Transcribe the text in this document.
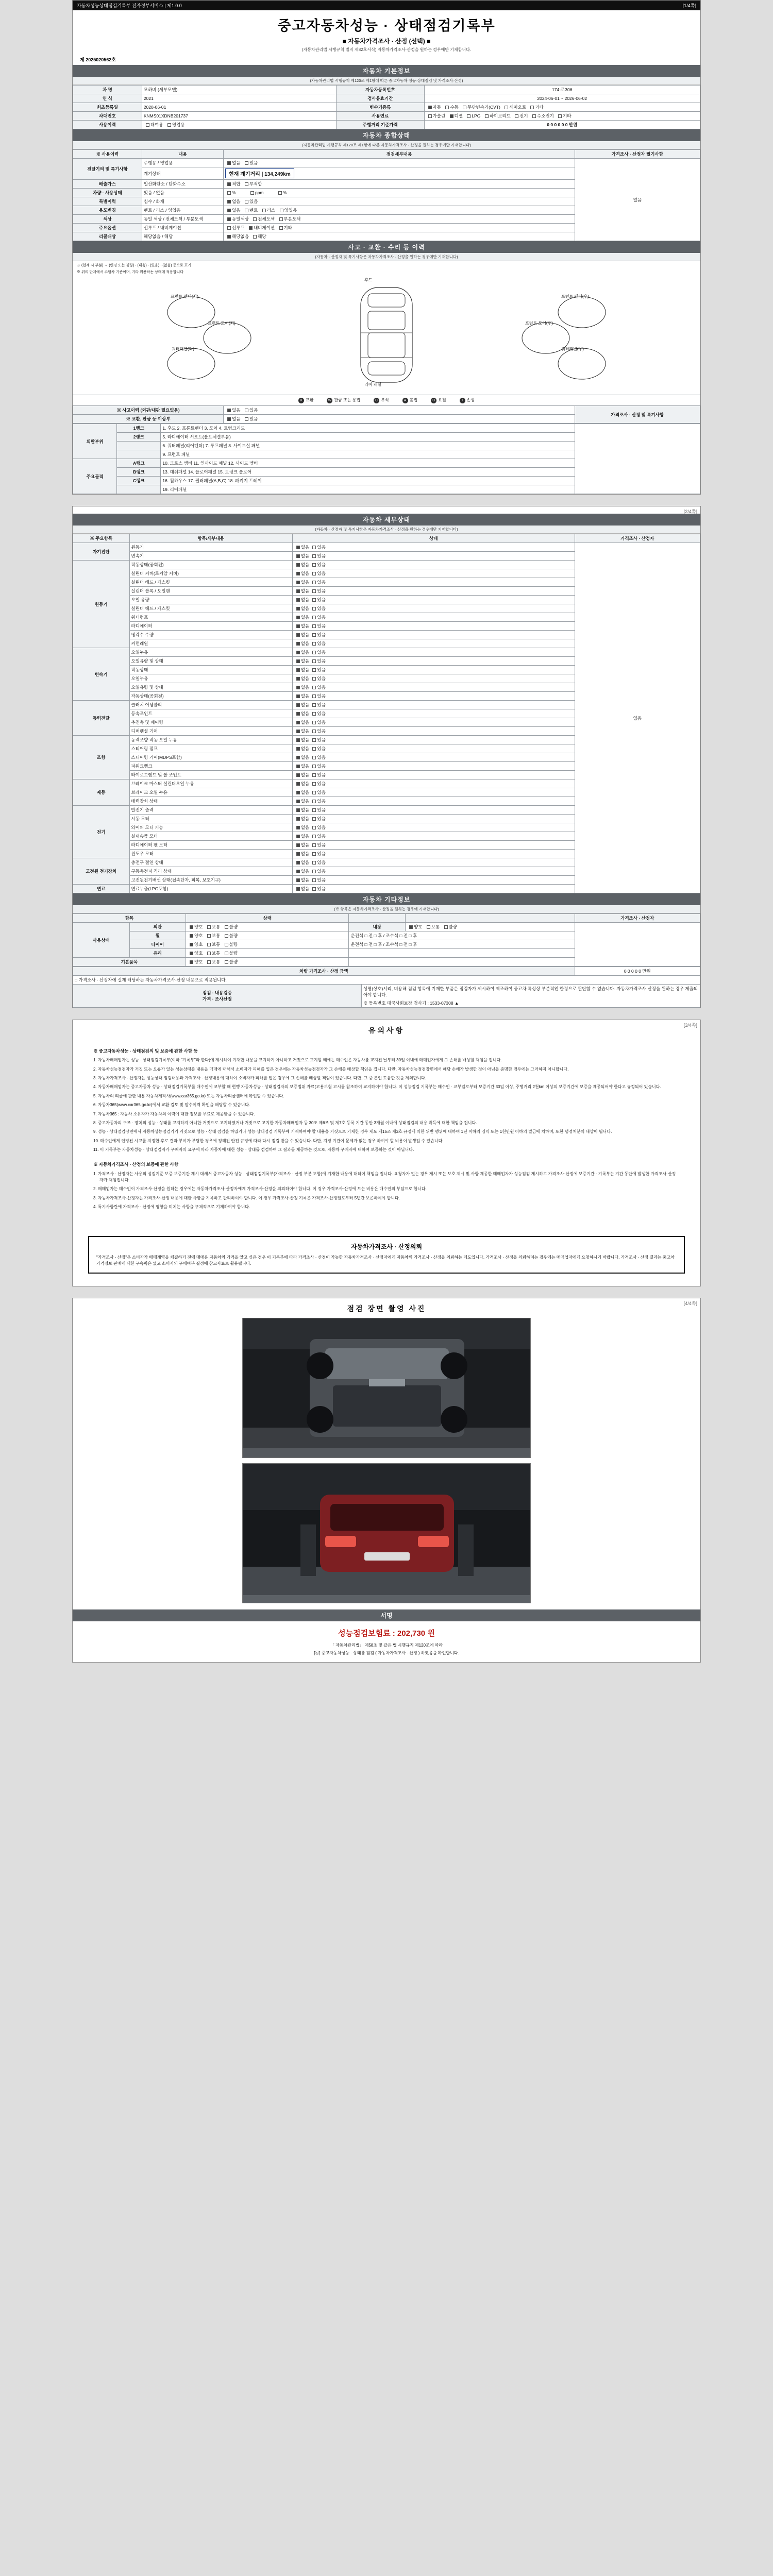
자동차성능상태점검기록부 전자정부서비스 | 제1.0.0	[1/4쪽]
중고자동차성능 · 상태점검기록부
■ 자동차가격조사 · 산정 (선택) ■
(자동차관리법 시행규칙 별지 제82호서식) 자동차가격조사·산정을 원하는 경우에만 기재합니다.
제 2025020562호
자동차 기본정보
(자동차관리법 시행규칙 제120조 제1항에 따른 중고자동차 성능·상태점검 및 가격조사·산정)
차 명	모하비 (세부모델)	자동차등록번호	174-로306
연 식	2021	검사유효기간	2024-06-01 ~ 2026-06-02
최초등록일	2020-06-01	변속기종류	자동 수동 무단변속기(CVT) 세미오토 기타
차대번호	KNMS01XDNB201737	사용연료	가솔린 디젤 LPG 하이브리드 전기 수소전기 기타
사용이력	대여용 영업용	주행거리 기준가격	0 0 0 0 0 0 만원
자동차 종합상태
(자동차관리법 시행규칙 제120조 제1항에 따른 자동차가격조사 · 산정을 원하는 경우에만 기재합니다)
※ 사용이력	내용	점검세부내용	가격조사 · 산정자 필기사항
전달기의 및 특기사항	주행용 / 영업용	없음 있음	없음
	계기상태	현재 계기거리 | 134,249km	
배출가스	일산화탄소 / 탄화수소	적합 부적합	
차량 · 사용상태	있음 / 없음	% ppm %	
특별이력	침수 / 화재	없음 있음	
용도변경	렌트 / 리스 / 영업용	없음 렌트 리스 영업용	
색상	동일 색상 / 전체도색 / 부분도색	동일색상 전체도색 부분도색	
주요옵션	선루프 / 내비게이션	선루프 내비게이션 기타	
리콜대상	해당없음 / 해당	해당없음 해당	
사고 · 교환 · 수리 등 이력
(자동차 · 산정자 및 특기사항은 자동차가격조사 · 산정을 원하는 경우에만 기재합니다)
※ (현재 시 부분) → (변경 또는 불량) · (내음) · (있음) · (없음) 등으로 표기
※ 위의 단계에서 수행차 기준이며, 기타 위용하는 상태에 적용합니다
프런트 펜더(좌)
프런트 도어(좌)
쿼터패널(좌)
프런트 펜더(우)
프런트 도어(우)
쿼터패널(우)
후드
리어 패널
X 교환	W 판금 또는 용접	C 부식	A 흠집	U 요철	T 손상
※ 사고이력 (외판/내판 필요없음)	없음 있음	가격조사 · 산정 및 특기사항
※ 교환, 판금 등 이상부	없음 있음	
외판부위	1랭크	1. 후드 2. 프론트펜더 3. 도어 4. 트렁크리드	
	2랭크	5. 라디에이터 서포트(볼트체결부품)	
		6. 쿼터패널(리어펜더) 7. 루프패널 8. 사이드실 패널	
		9. 프런트 패널	
주요골격	A랭크	10. 크로스 멤버 11. 인사이드 패널 12. 사이드 멤버	
	B랭크	13. 대쉬패널 14. 플로어패널 15. 트렁크 플로어	
	C랭크	16. 휠하우스 17. 필러패널(A,B,C) 18. 패키지 트레이	
		19. 리어패널	
[2/4쪽]
자동차 세부상태
(자동차 · 산정자 및 특기사항은 자동차가격조사 · 산정을 원하는 경우에만 기재합니다)
※ 주요항목	항목/세부내용	상태	가격조사 · 산정자
자기진단	원동기	없음 있음	없음
	변속기	없음 있음	
원동기	작동상태(공회전)	없음 있음	
	실린더 커버(로커암 커버)	없음 있음	
	실린더 헤드 / 개스킷	없음 있음	
	실린더 블록 / 오일팬	없음 있음	
	오일 유량	없음 있음	
	실린더 헤드 / 개스킷	없음 있음	
	워터펌프	없음 있음	
	라디에이터	없음 있음	
	냉각수 수량	없음 있음	
	커먼레일	없음 있음	
변속기	오일누유	없음 있음	
	오일유량 및 상태	없음 있음	
	작동상태	없음 있음	
	오일누유	없음 있음	
	오일유량 및 상태	없음 있음	
	작동상태(공회전)	없음 있음	
동력전달	클러치 어셈블리	없음 있음	
	등속조인트	없음 있음	
	추진축 및 베어링	없음 있음	
	디퍼렌셜 기어	없음 있음	
조향	동력조향 작동 오일 누유	없음 있음	
	스티어링 펌프	없음 있음	
	스티어링 기어(MDPS포함)	없음 있음	
	파워크랭크	없음 있음	
	타이로드엔드 및 볼 조인트	없음 있음	
제동	브레이크 마스터 실린더오일 누유	없음 있음	
	브레이크 오일 누유	없음 있음	
	배력장치 상태	없음 있음	
전기	발전기 출력	없음 있음	
	시동 모터	없음 있음	
	와이퍼 모터 기능	없음 있음	
	실내송풍 모터	없음 있음	
	라디에이터 팬 모터	없음 있음	
	윈도우 모터	없음 있음	
고전원 전기장치	충전구 절연 상태	없음 있음	
	구동축전지 격리 상태	없음 있음	
	고전원전기배선 상태(접속단자, 피복, 보호기구)	없음 있음	
연료	연료누출(LPG포함)	없음 있음	
자동차 기타정보
(※ 항목은 자동차가격조사 · 산정을 원하는 경우에 기재합니다)
항목		상태			가격조사 · 산정자
사용상태	외관	양호 보통 불량	내장	양호 보통 불량	
	휠	양호 보통 불량	운전석 □ 전 □ 후 / 조수석 □ 전 □ 후		
	타이어	양호 보통 불량	운전석 □ 전 □ 후 / 조수석 □ 전 □ 후		
	유리	양호 보통 불량			
기본품목		양호 보통 불량			
차량 가격조사 · 산정 금액		0 0 0 0 0 만원
□ 가격조사 · 산정자에 실제 해당하는 자동차가격조사·산정 내용으로 적용됩니다.		

점검 · 내용검증
가격 · 조사산정

성명(상호)서리, 비용해 점검 항목에 기재한 부품은 점검자가 제시하여 제조하여 중고차 특성상 부분적인 한정으로 판단할 수 없습니다. 자동차가격조사·산정을 원하는 경우 제출되어야 합니다.
※ 등록번호 태국사회보장 검사기 : 1533-07308 ▲
[3/4쪽]
유의사항
※ 중고자동차성능 · 상태점검의 및 보증에 관한 사항 등
1. 자동차매매업자는 성능 · 상태점검기록부(이하 "기록부"라 한다)에 제시하여 기재한 내용을 교지하기 아니하고 거짓으로 교지할 때에는 매수인은 자동차를 교지된 날부터 30일 이내에 매매업자에게 그 손해를 배상할 책임을 집니다.
2. 자동차성능점검자가 거짓 또는 오류가 있는 성능상태를 내용을 매매에 대해서 소비자가 피해를 입은 경우에는 자동차성능점검자가 그 손해를 배상할 책임을 집니다. 다만, 자동차성능점검장면에서 해당 손해가 발생한 것이 아님을 증명한 경우에는 그러하지 아니합니다.
3. 자동차가격조사 · 산정자는 성능상태 점검내용과 가격조사 · 산정내용에 대하여 소비자가 피해를 입은 경우에 그 손해를 배상할 책임이 있습니다. 다만, 그 중 본인 도움한 것을 제외합니다.
4. 자동차매매업자는 중고자동차 성능 · 상태점검기록부를 매수인에 교부할 때 현행 자동차성능 · 상태점검자의 보증범위 자료(고용보험 고시를 참조하여 교지하여야 합니다. 이 성능점검 기록부는 매수인 · 교부일로부터 보증기간 30일 이상, 주행거리 2천km 이상의 보증기간에 보증을 제공되어야 한다고 규정되어 있습니다.
5. 자동차의 리콜에 관한 내용 자동차제작사(www.car365.go.kr) 또는 자동차리콜센터에 확인할 수 있습니다.
6. 자동차365(www.car365.go.kr)에서 교환 검토 및 압수이력 확인을 해당할 수 있습니다.
7. 자동차365 : 자동차 소유자가 자동차의 이력에 대한 정보를 무료로 제공받을 수 있습니다.
8. 중고자동차의 구조 · 장치의 성능 · 상태를 고지하지 아니한 거짓으로 고지하였거나 거짓으로 고지한 자동차매매업자 등 30조 제6조 및 제7호 등록 기간 동안 3개월 이내에 상태점검의 내용 취득에 대한 책임을 집니다.
9. 성능 · 상태점검장면에서 자동차성능점검기기 거짓으로 성능 · 상태 점검을 하였거나 성능 상태점검 기록부에 기재하여야 할 내용을 거짓으로 기재한 경우 제도 제15조 제3호 규정에 의한 위반 행위에 대하여 1년 이하의 징역 또는 1천만원 이하의 벌금에 처하며, 또한 행정처분의 대상이 됩니다.
10. 매수인에게 인정된 시고를 지정한 후로 결과 부여가 부당한 경우에 정해진 안전 규정에 따라 다시 점검 받을 수 있습니다. 다만, 지정 기관이 문제가 없는 경우 하여야 할 비용이 발생될 수 있습니다.
11. 이 기록부는 자동차성능 · 상태점검자가 구매자의 요구에 따라 자동차에 대한 성능 · 상태를 점검하여 그 결과를 제공하는 것으로, 자동차 구매자에 대하여 보증하는 것이 아닙니다.
※ 자동차가격조사 · 산정의 보증에 관한 사항
1. 가격조사 · 산정자는 사용의 성질기준 보증 보증기간 제시 대세서 중고자동차 성능 · 상태점검기록부(가격조사 · 산정 부분 포함)에 기재한 내용에 대하여 책임을 집니다. 요청자가 없는 경우 제시 또는 보호 제시 및 사항 제공한 매매업자가 성능점검 제시하고 가격조사·산정에 보증기간 · 기록부는 기간 동안에 발생한 가격조사·산정자가 책임집니다.
2. 매매업자는 매수인이 가격조사·산정을 원하는 경우에는 자동차가격조사·산정자에게 가격조사·산정을 의뢰하여야 합니다. 이 경우 가격조사·산정에 드는 비용은 매수인의 부담으로 합니다.
3. 자동차가격조사·산정자는 가격조사·산정 내용에 대한 사항을 기록하고 관리하여야 합니다. 이 경우 가격조사·산정 기록은 가격조사·산정일로부터 5년간 보존하여야 합니다.
4. 특기사항란에 가격조사 · 산정에 영향을 미치는 사항을 구체적으로 기재하여야 합니다.
자동차가격조사 · 산정의뢰
"가격조사 · 산정"은 소비자가 매매계약을 체결하기 전에 매매용 자동차의 가격을 알고 싶은 경우 이 기록부에 따라 가격조사 · 산정이 가능한 자동차가격조사 · 산정자에게 자동차의 가격조사 · 산정을 의뢰하는 제도입니다. 가격조사 · 산정을 의뢰하려는 경우에는 매매업자에게 요청하시기 바랍니다. 가격조사 · 산정 결과는 중고차 가격정보 판매에 대한 구속력은 없고 소비자의 구매여부 결정에 참고자료로 활용됩니다.
[4/4쪽]
점검 장면 촬영 사진
서명
성능점검보험료 : 202,730 원
「 자동차관리법」 제58조 및 같은 법 시행규칙 제120조에 따라
[ⓒ] 중고자동차성능 · 상태를 점검 ( 자동차가격조사 · 산정 ) 하였음을 확인합니다.
